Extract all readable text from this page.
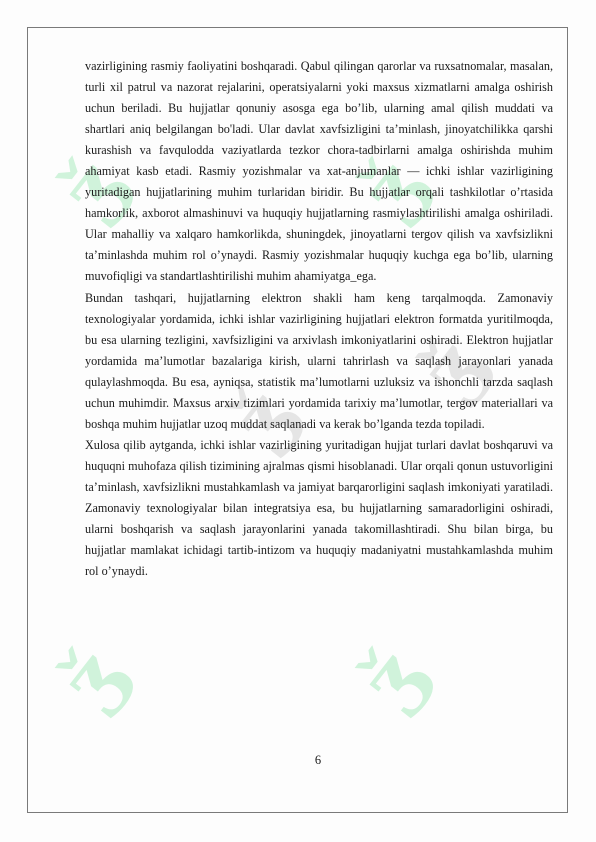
ǯ	ǯ
ǯ
ǯ
ǯ	ǯ

vazirligining rasmiy faoliyatini boshqaradi. Qabul qilingan qarorlar va ruxsatnomalar, masalan, turli xil patrul va nazorat rejalarini, operatsiyalarni yoki maxsus xizmatlarni amalga oshirish uchun beriladi. Bu hujjatlar qonuniy asosga ega bo’lib, ularning amal qilish muddati va shartlari aniq belgilangan bo'ladi. Ular davlat xavfsizligini ta’minlash, jinoyatchilikka qarshi kurashish va favqulodda vaziyatlarda tezkor chora-tadbirlarni amalga oshirishda muhim ahamiyat kasb etadi. Rasmiy yozishmalar va xat-anjumanlar — ichki ishlar vazirligining yuritadigan hujjatlarining muhim turlaridan biridir. Bu hujjatlar orqali tashkilotlar o’rtasida hamkorlik, axborot almashinuvi va huquqiy hujjatlarning rasmiylashtirilishi amalga oshiriladi. Ular mahalliy va xalqaro hamkorlikda, shuningdek, jinoyatlarni tergov qilish va xavfsizlikni ta’minlashda muhim rol o’ynaydi. Rasmiy yozishmalar huquqiy kuchga ega bo’lib, ularning muvofiqligi va standartlashtirilishi muhim ahamiyatga_ega.

Bundan tashqari, hujjatlarning elektron shakli ham keng tarqalmoqda. Zamonaviy texnologiyalar yordamida, ichki ishlar vazirligining hujjatlari elektron formatda yuritilmoqda, bu esa ularning tezligini, xavfsizligini va arxivlash imkoniyatlarini oshiradi. Elektron hujjatlar yordamida ma’lumotlar bazalariga kirish, ularni tahrirlash va saqlash jarayonlari yanada qulaylashmoqda. Bu esa, ayniqsa, statistik ma’lumotlarni uzluksiz va ishonchli tarzda saqlash uchun muhimdir. Maxsus arxiv tizimlari yordamida tarixiy ma’lumotlar, tergov materiallari va boshqa muhim hujjatlar uzoq muddat saqlanadi va kerak bo’lganda tezda topiladi.

Xulosa qilib aytganda, ichki ishlar vazirligining yuritadigan hujjat turlari davlat boshqaruvi va huquqni muhofaza qilish tizimining ajralmas qismi hisoblanadi. Ular orqali qonun ustuvorligini ta’minlash, xavfsizlikni mustahkamlash va jamiyat barqarorligini saqlash imkoniyati yaratiladi. Zamonaviy texnologiyalar bilan integratsiya esa, bu hujjatlarning samaradorligini oshiradi, ularni boshqarish va saqlash jarayonlarini yanada takomillashtiradi. Shu bilan birga, bu hujjatlar mamlakat ichidagi tartib-intizom va huquqiy madaniyatni mustahkamlashda muhim rol o’ynaydi.

6
